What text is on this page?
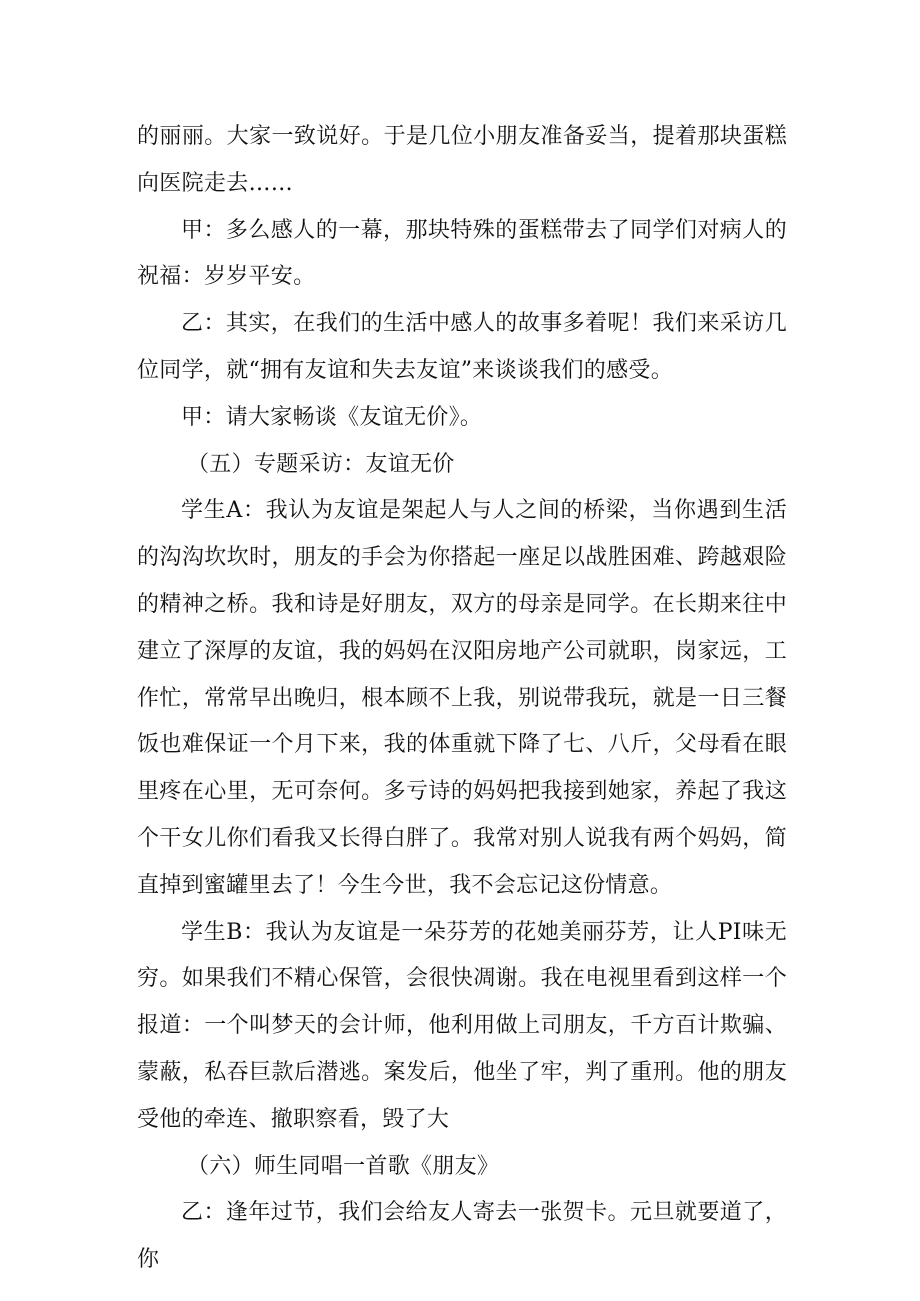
的丽丽。大家一致说好。于是几位小朋友准备妥当，提着那块蛋糕向医院走去……

甲：多么感人的一幕，那块特殊的蛋糕带去了同学们对病人的祝福：岁岁平安。

乙：其实，在我们的生活中感人的故事多着呢！我们来采访几位同学，就“拥有友谊和失去友谊”来谈谈我们的感受。

甲：请大家畅谈《友谊无价》。

（五）专题采访：友谊无价

学生A：我认为友谊是架起人与人之间的桥梁，当你遇到生活的沟沟坎坎时，朋友的手会为你搭起一座足以战胜困难、跨越艰险的精神之桥。我和诗是好朋友，双方的母亲是同学。在长期来往中建立了深厚的友谊，我的妈妈在汉阳房地产公司就职，岗家远，工作忙，常常早出晚归，根本顾不上我，别说带我玩，就是一日三餐饭也难保证一个月下来，我的体重就下降了七、八斤，父母看在眼里疼在心里，无可奈何。多亏诗的妈妈把我接到她家，养起了我这个干女儿你们看我又长得白胖了。我常对别人说我有两个妈妈，简直掉到蜜罐里去了！今生今世，我不会忘记这份情意。

学生B：我认为友谊是一朵芬芳的花她美丽芬芳，让人PI味无穷。如果我们不精心保管，会很快凋谢。我在电视里看到这样一个报道：一个叫梦天的会计师，他利用做上司朋友，千方百计欺骗、蒙蔽，私吞巨款后潜逃。案发后，他坐了牢，判了重刑。他的朋友受他的牵连、撤职察看，毁了大

（六）师生同唱一首歌《朋友》

乙：逢年过节，我们会给友人寄去一张贺卡。元旦就要道了，你
